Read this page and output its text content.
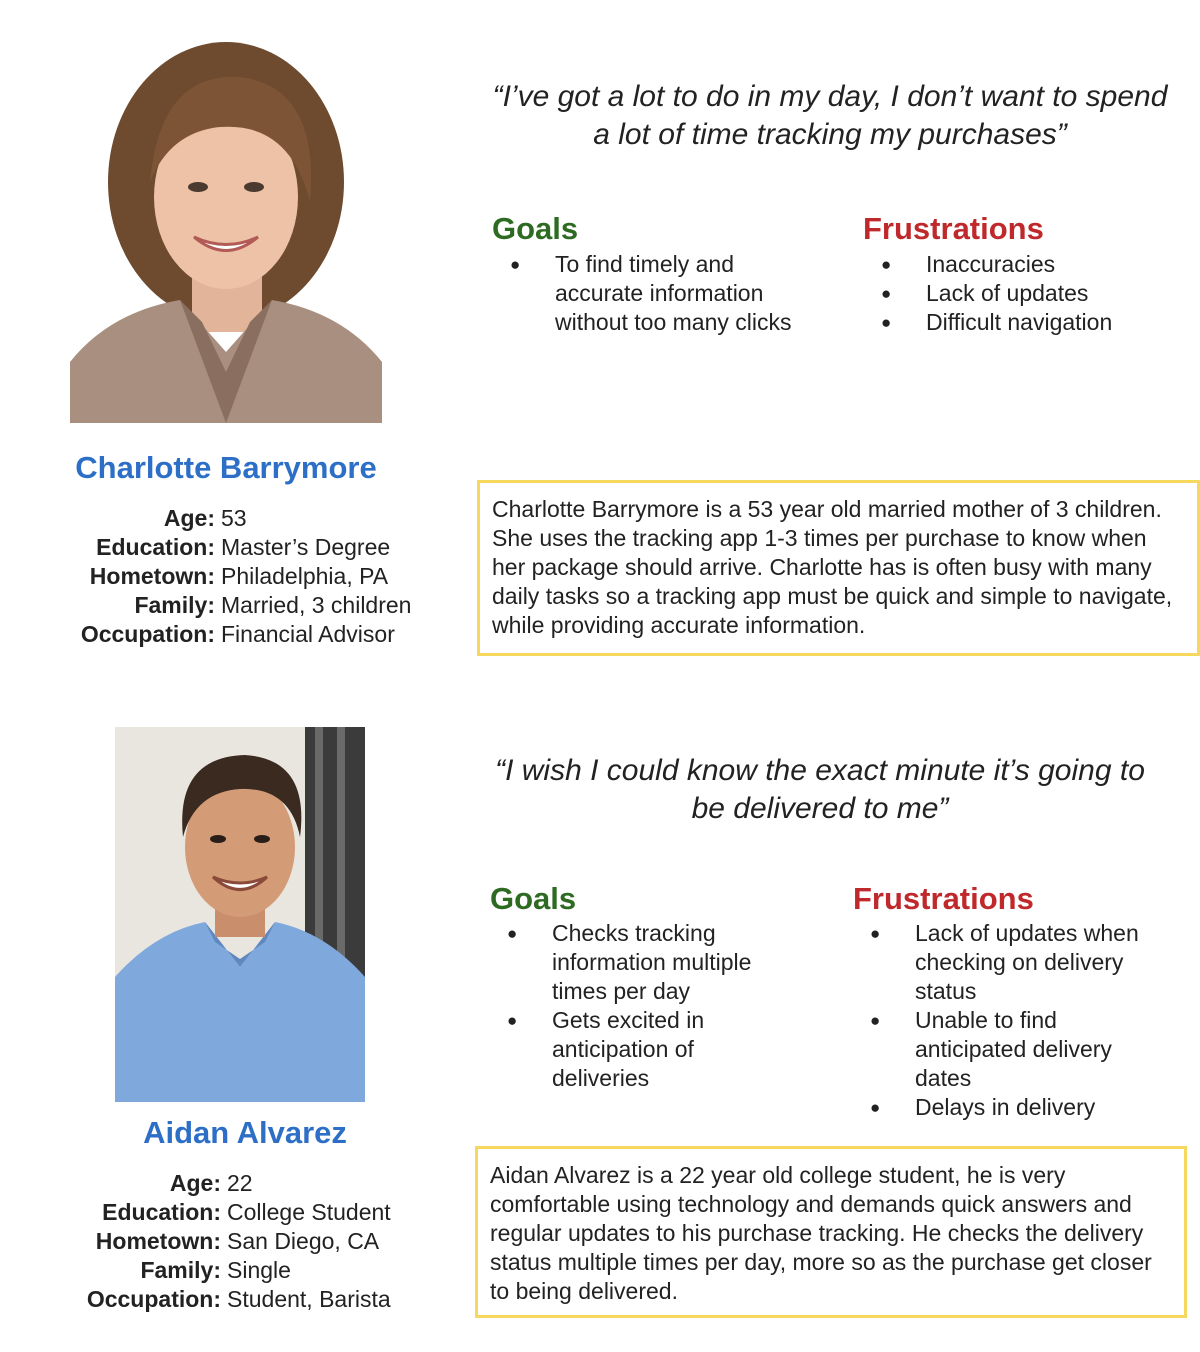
Charlotte Barrymore
Age: 53
Education: Master’s Degree
Hometown: Philadelphia, PA
Family: Married, 3 children
Occupation: Financial Advisor
“I’ve got a lot to do in my day, I don’t want to spend a lot of time tracking my purchases”
Goals
● To find timely and accurate information without too many clicks
Frustrations
● Inaccuracies
● Lack of updates
● Difficult navigation
Charlotte Barrymore is a 53 year old married mother of 3 children. She uses the tracking app 1-3 times per purchase to know when her package should arrive. Charlotte has is often busy with many daily tasks so a tracking app must be quick and simple to navigate, while providing accurate information.
Aidan Alvarez
Age: 22
Education: College Student
Hometown: San Diego, CA
Family: Single
Occupation: Student, Barista
“I wish I could know the exact minute it’s going to be delivered to me”
Goals
● Checks tracking information multiple times per day
● Gets excited in anticipation of deliveries
Frustrations
● Lack of updates when checking on delivery status
● Unable to find anticipated delivery dates
● Delays in delivery
Aidan Alvarez is a 22 year old college student, he is very comfortable using technology and demands quick answers and regular updates to his purchase tracking. He checks the delivery status multiple times per day, more so as the purchase get closer to being delivered.
